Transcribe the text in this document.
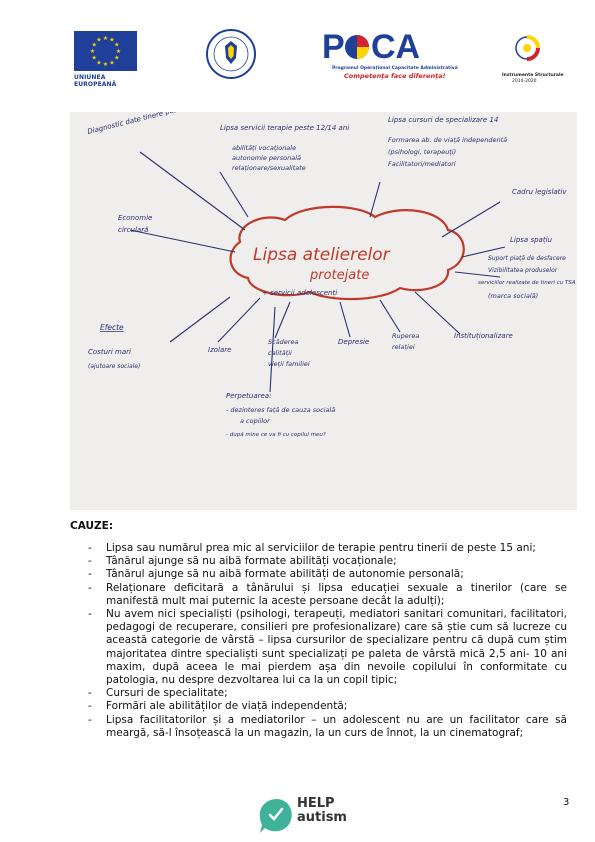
★ ★
★
★
★
★
★
★
★
★
★
★
UNIUNEA EUROPEANĂ
P CA
Programul Operațional Capacitate Administrativă
Competența face diferența!	Instrumente Structurale
2014-2020
Lipsa atelierelor
protejate
+ servicii adolescenți
Lipsa servicii terapie peste 12/14 ani
abilități vocaționale
autonomie personală
relaționare/sexualitate
Lipsa cursuri de specializare 14
Formarea ab. de viață independentă
(psihologi, terapeuți)
Facilitatori/mediatori
Cadru legislativ
Economie
circulară
Lipsa spațiu
Suport piață de desfacere
Vizibilitatea produselor
serviciilor realizate de tineri cu TSA
(marca socială)
Efecte
Costuri mari
(ajutoare sociale)
Izolare
Scăderea
calității
vieții familiei
Depresie
Ruperea
relației
Instituționalizare
Perpetuarea:
- dezinteres față de cauza socială
a copiilor
- după mine ce va fi cu copilul meu?
CAUZE:
- Lipsa sau numărul prea mic al serviciilor de terapie pentru tinerii de peste 15 ani;
- Tânărul ajunge să nu aibă formate abilități vocaționale;
- Tânărul ajunge să nu aibă formate abilități de autonomie personală;
- Relaționare deficitară a tânărului și lipsa educației sexuale a tinerilor (care se manifestă mult mai puternic la aceste persoane decât la adulți);
- Nu avem nici specialiști (psihologi, terapeuți, mediatori sanitari comunitari, facilitatori, pedagogi de recuperare, consilieri pre profesionalizare) care să știe cum să lucreze cu această categorie de vârstă – lipsa cursurilor de specializare pentru că după cum știm majoritatea dintre specialiști sunt specializați pe paleta de vârstă mică 2,5 ani- 10 ani maxim, după aceea le mai pierdem așa din nevoile copilului în conformitate cu patologia, nu despre dezvoltarea lui ca la un copil tipic;
- Cursuri de specialitate;
- Formări ale abilităților de viață independentă;
- Lipsa facilitatorilor și a mediatorilor – un adolescent nu are un facilitator care să meargă, să-l însoțească la un magazin, la un curs de înnot, la un cinematograf;
HELP
autism
3
